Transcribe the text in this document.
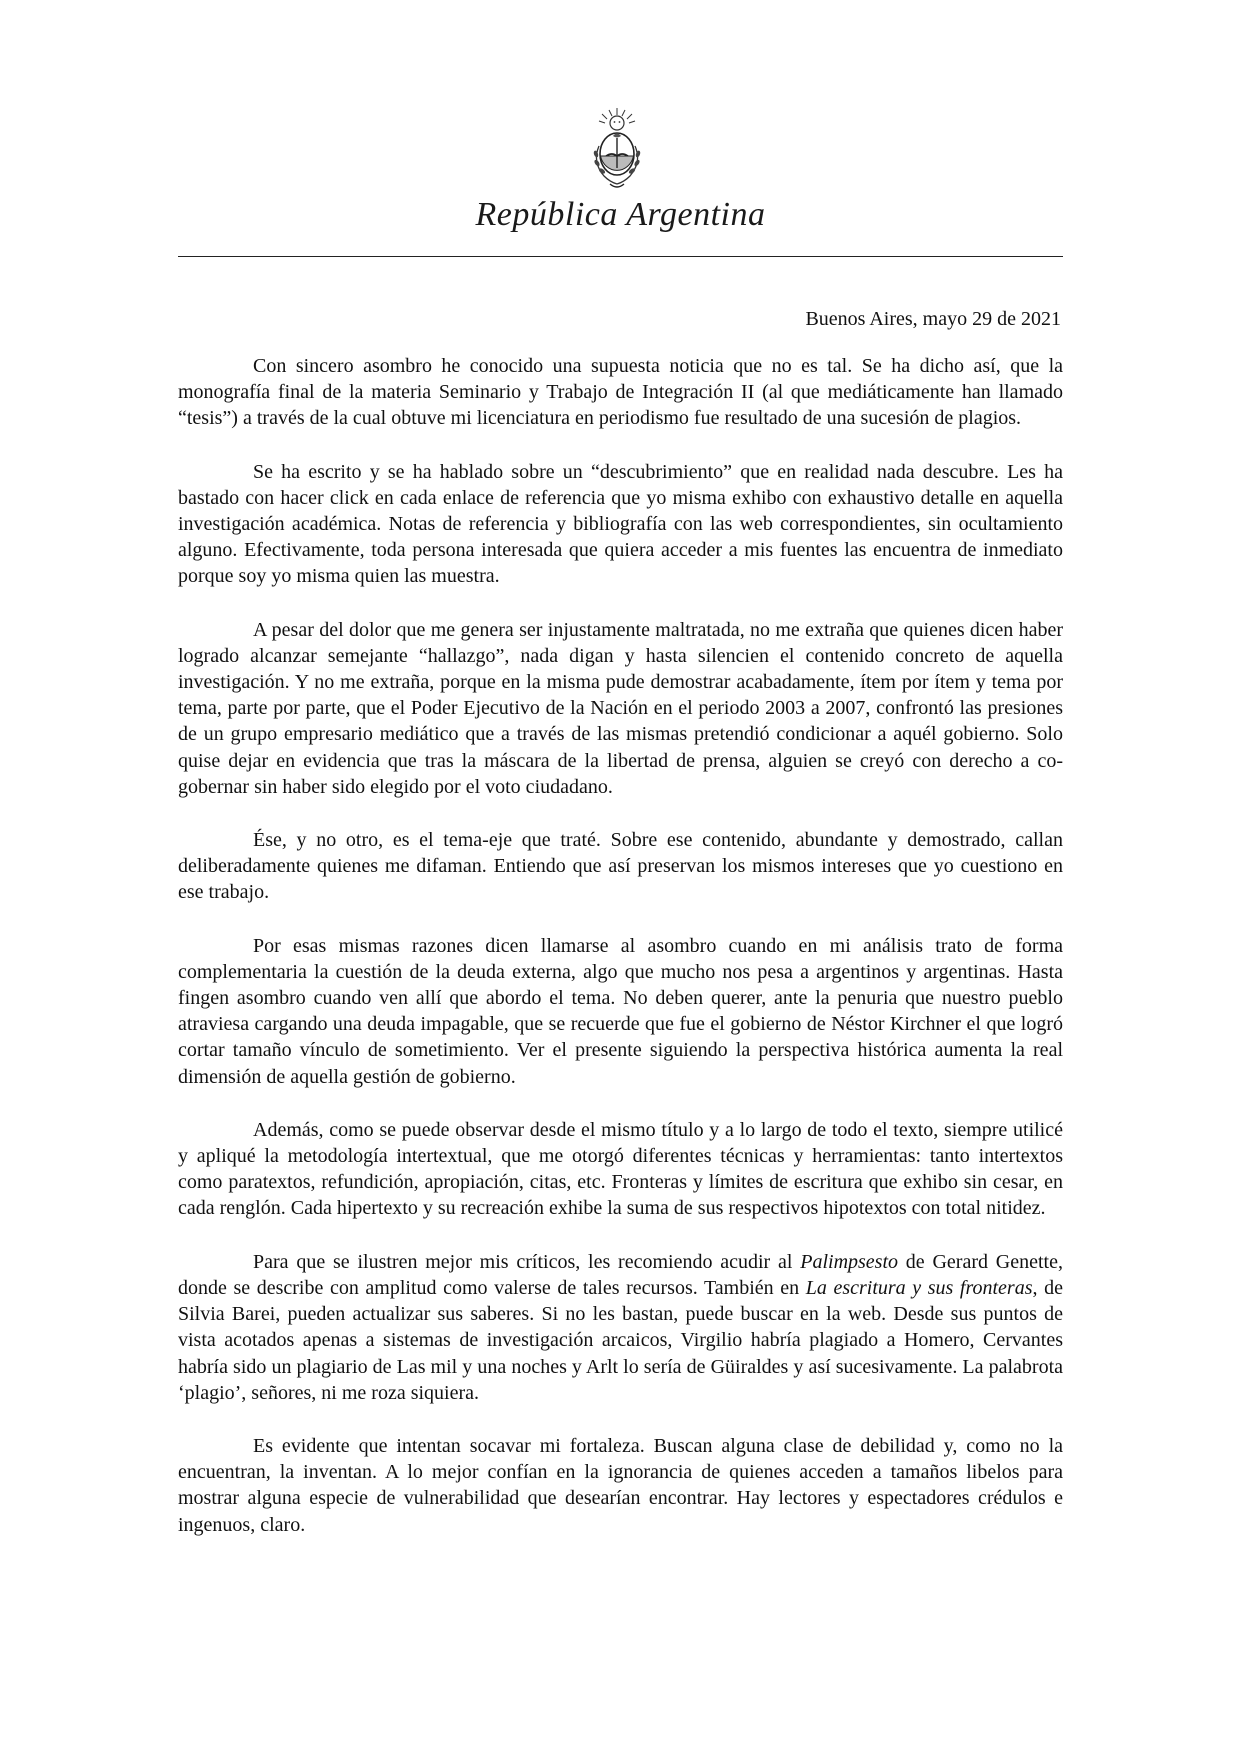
República Argentina
Buenos Aires, mayo 29 de 2021

Con sincero asombro he conocido una supuesta noticia que no es tal. Se ha dicho así, que la monografía final de la materia Seminario y Trabajo de Integración II (al que mediáticamente han llamado “tesis”) a través de la cual obtuve mi licenciatura en periodismo fue resultado de una sucesión de plagios.

Se ha escrito y se ha hablado sobre un “descubrimiento” que en realidad nada descubre. Les ha bastado con hacer click en cada enlace de referencia que yo misma exhibo con exhaustivo detalle en aquella investigación académica. Notas de referencia y bibliografía con las web correspondientes, sin ocultamiento alguno. Efectivamente, toda persona interesada que quiera acceder a mis fuentes las encuentra de inmediato porque soy yo misma quien las muestra.

A pesar del dolor que me genera ser injustamente maltratada, no me extraña que quienes dicen haber logrado alcanzar semejante “hallazgo”, nada digan y hasta silencien el contenido concreto de aquella investigación. Y no me extraña, porque en la misma pude demostrar acabadamente, ítem por ítem y tema por tema, parte por parte, que el Poder Ejecutivo de la Nación en el periodo 2003 a 2007, confrontó las presiones de un grupo empresario mediático que a través de las mismas pretendió condicionar a aquél gobierno. Solo quise dejar en evidencia que tras la máscara de la libertad de prensa, alguien se creyó con derecho a co-gobernar sin haber sido elegido por el voto ciudadano.

Ése, y no otro, es el tema-eje que traté. Sobre ese contenido, abundante y demostrado, callan deliberadamente quienes me difaman. Entiendo que así preservan los mismos intereses que yo cuestiono en ese trabajo.

Por esas mismas razones dicen llamarse al asombro cuando en mi análisis trato de forma complementaria la cuestión de la deuda externa, algo que mucho nos pesa a argentinos y argentinas. Hasta fingen asombro cuando ven allí que abordo el tema. No deben querer, ante la penuria que nuestro pueblo atraviesa cargando una deuda impagable, que se recuerde que fue el gobierno de Néstor Kirchner el que logró cortar tamaño vínculo de sometimiento. Ver el presente siguiendo la perspectiva histórica aumenta la real dimensión de aquella gestión de gobierno.

Además, como se puede observar desde el mismo título y a lo largo de todo el texto, siempre utilicé y apliqué la metodología intertextual, que me otorgó diferentes técnicas y herramientas: tanto intertextos como paratextos, refundición, apropiación, citas, etc. Fronteras y límites de escritura que exhibo sin cesar, en cada renglón. Cada hipertexto y su recreación exhibe la suma de sus respectivos hipotextos con total nitidez.

Para que se ilustren mejor mis críticos, les recomiendo acudir al Palimpsesto de Gerard Genette, donde se describe con amplitud como valerse de tales recursos. También en La escritura y sus fronteras, de Silvia Barei, pueden actualizar sus saberes. Si no les bastan, puede buscar en la web. Desde sus puntos de vista acotados apenas a sistemas de investigación arcaicos, Virgilio habría plagiado a Homero, Cervantes habría sido un plagiario de Las mil y una noches y Arlt lo sería de Güiraldes y así sucesivamente. La palabrota ‘plagio’, señores, ni me roza siquiera.

Es evidente que intentan socavar mi fortaleza. Buscan alguna clase de debilidad y, como no la encuentran, la inventan. A lo mejor confían en la ignorancia de quienes acceden a tamaños libelos para mostrar alguna especie de vulnerabilidad que desearían encontrar. Hay lectores y espectadores crédulos e ingenuos, claro.
